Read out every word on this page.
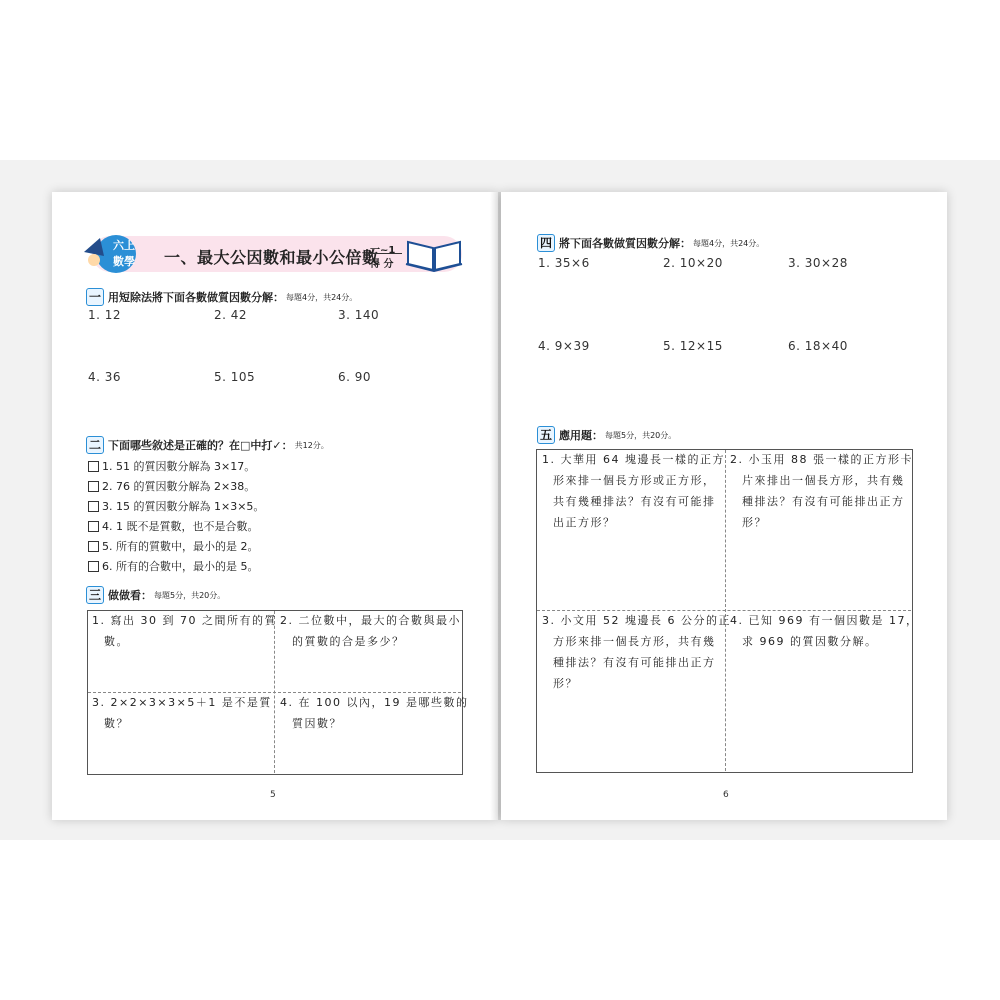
六上
數學	一、最大公因數和最小公倍數
一~1
得 分
一 用短除法將下面各數做質因數分解： 每題4分，共24分。
1. 12	2. 42	3. 140
4. 36	5. 105	6. 90
二 下面哪些敘述是正確的？在□中打✓： 共12分。
1. 51 的質因數分解為 3×17。
2. 76 的質因數分解為 2×38。
3. 15 的質因數分解為 1×3×5。
4. 1 既不是質數，也不是合數。
5. 所有的質數中，最小的是 2。
6. 所有的合數中，最小的是 5。
三 做做看： 每題5分，共20分。
1. 寫出 30 到 70 之間所有的質
數。
2. 二位數中，最大的合數與最小
的質數的合是多少？
3. 2×2×3×3×5＋1 是不是質
數？
4. 在 100 以內，19 是哪些數的
質因數？
5
四 將下面各數做質因數分解： 每題4分，共24分。
1. 35×6	2. 10×20	3. 30×28
4. 9×39	5. 12×15	6. 18×40
五 應用題： 每題5分，共20分。
1. 大華用 64 塊邊長一樣的正方
形來排一個長方形或正方形，
共有幾種排法？有沒有可能排
出正方形？
2. 小玉用 88 張一樣的正方形卡
片來排出一個長方形，共有幾
種排法？有沒有可能排出正方
形？
3. 小文用 52 塊邊長 6 公分的正
方形來排一個長方形，共有幾
種排法？有沒有可能排出正方
形？
4. 已知 969 有一個因數是 17，
求 969 的質因數分解。
6
